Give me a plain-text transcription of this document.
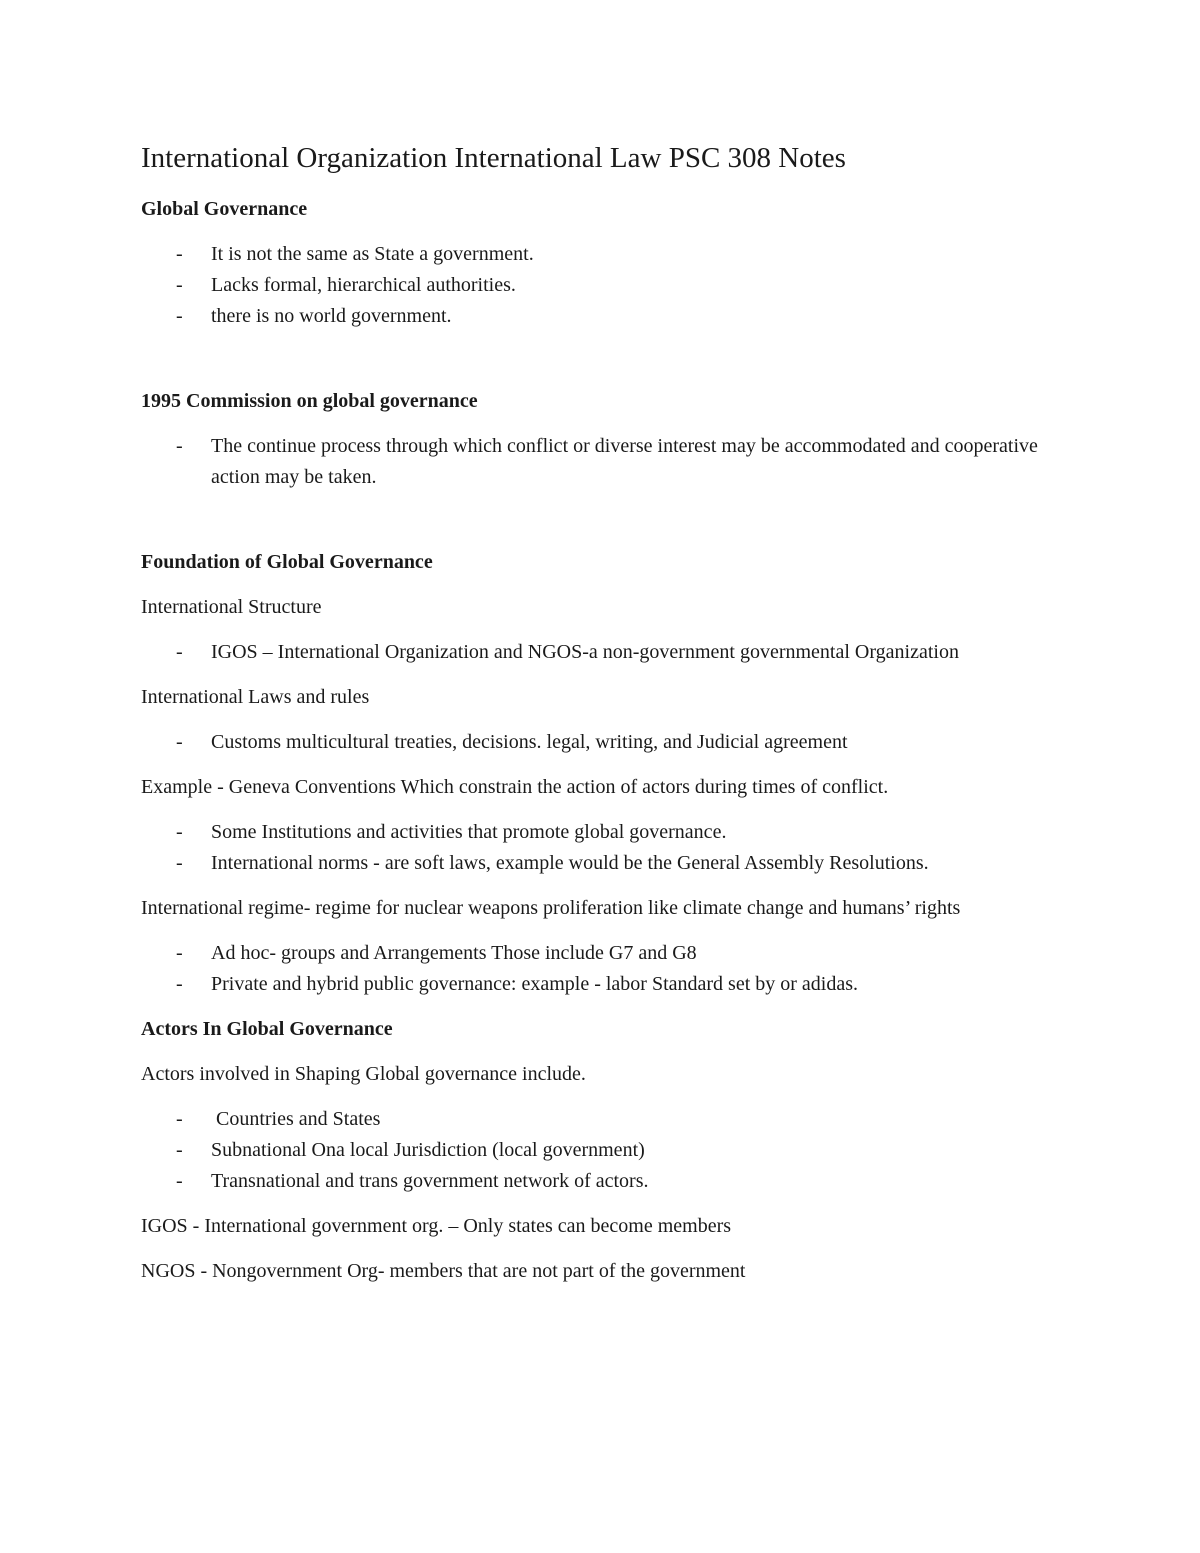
International Organization International Law PSC 308 Notes
Global Governance
- It is not the same as State a government.
- Lacks formal, hierarchical authorities.
- there is no world government.
1995 Commission on global governance
- The continue process through which conflict or diverse interest may be accommodated and cooperative action may be taken.
Foundation of Global Governance
International Structure
- IGOS – International Organization and NGOS-a non-government governmental Organization
International Laws and rules
- Customs multicultural treaties, decisions. legal, writing, and Judicial agreement
Example - Geneva Conventions Which constrain the action of actors during times of conflict.
- Some Institutions and activities that promote global governance.
- International norms - are soft laws, example would be the General Assembly Resolutions.
International regime- regime for nuclear weapons proliferation like climate change and humans’ rights
- Ad hoc- groups and Arrangements Those include G7 and G8
- Private and hybrid public governance: example - labor Standard set by or adidas.
Actors In Global Governance
Actors involved in Shaping Global governance include.
- Countries and States
- Subnational Ona local Jurisdiction (local government)
- Transnational and trans government network of actors.
IGOS - International government org. – Only states can become members
NGOS - Nongovernment Org- members that are not part of the government
